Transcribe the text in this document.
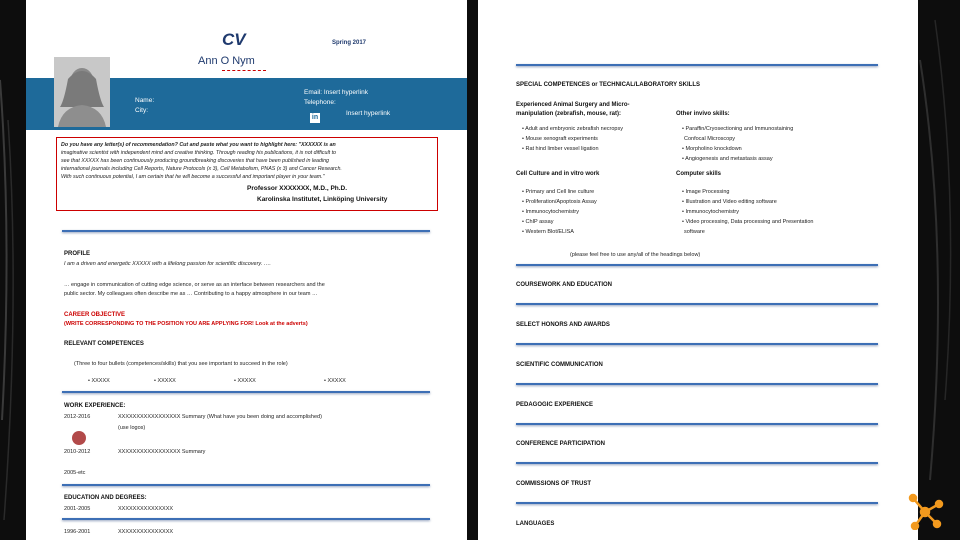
CV	Spring 2017
Ann O Nym
Name:
City:
Email: Insert hyperlink
Telephone:
in
Insert hyperlink
Do you have any letter(s) of recommendation? Cut and paste what you want to highlight here: "XXXXXX is an
imaginative scientist with independent mind and creative thinking. Through reading his publications, it is not difficult to
see that XXXXX has been continuously producing groundbreaking discoveries that have been published in leading
international journals including Cell Reports, Nature Protocols (x 3), Cell Metabolism, PNAS (x 3) and Cancer Research.
With such continuous potential, I am certain that he will become a successful and important player in your team."
Professor XXXXXXX, M.D., Ph.D.
Karolinska Institutet, Linköping University
PROFILE
I am a driven and energetic XXXXX with a lifelong passion for scientific discovery. ….
… engage in communication of cutting edge science, or serve as an interface between researchers and the
public sector. My colleagues often describe me as … Contributing to a happy atmosphere in our team …
CAREER OBJECTIVE
(WRITE CORRESPONDING TO THE POSITION YOU ARE APPLYING FOR! Look at the adverts)
RELEVANT COMPETENCES
(Three to four bullets (competences/skills) that you see important to succeed in the role)
• XXXXX	• XXXXX	• XXXXX	• XXXXX
WORK EXPERIENCE:
2012-2016	XXXXXXXXXXXXXXXXX Summary (What have you been doing and accomplished)
(use logos)
2010-2012	XXXXXXXXXXXXXXXXX Summary
2005-etc
EDUCATION AND DEGREES:
2001-2005	XXXXXXXXXXXXXXX
1996-2001	XXXXXXXXXXXXXXX
SPECIAL COMPETENCES or TECHNICAL/LABORATORY SKILLS
Experienced Animal Surgery and Micro-
manipulation (zebrafish, mouse, rat):
• Adult and embryonic zebrafish necropsy
• Mouse xenograft experiments
• Rat hind limber vessel ligation
Other invivo skills:
• Paraffin/Cryosectioning and Immunostaining
Confocal Microscopy
• Morpholino knockdown
• Angiogenesis and metastasis assay
Cell Culture and in vitro work
• Primary and Cell line culture
• Proliferation/Apoptosis Assay
• Immunocytochemistry
• ChIP assay
• Western Blot/ELISA
Computer skills
• Image Processing
• Illustration and Video editing software
• Immunocytochemistry
• Video processing, Data processing and Presentation
software
(please feel free to use any/all of the headings below)
COURSEWORK AND EDUCATION
SELECT HONORS AND AWARDS
SCIENTIFIC COMMUNICATION
PEDAGOGIC EXPERIENCE
CONFERENCE PARTICIPATION
COMMISSIONS OF TRUST
LANGUAGES
